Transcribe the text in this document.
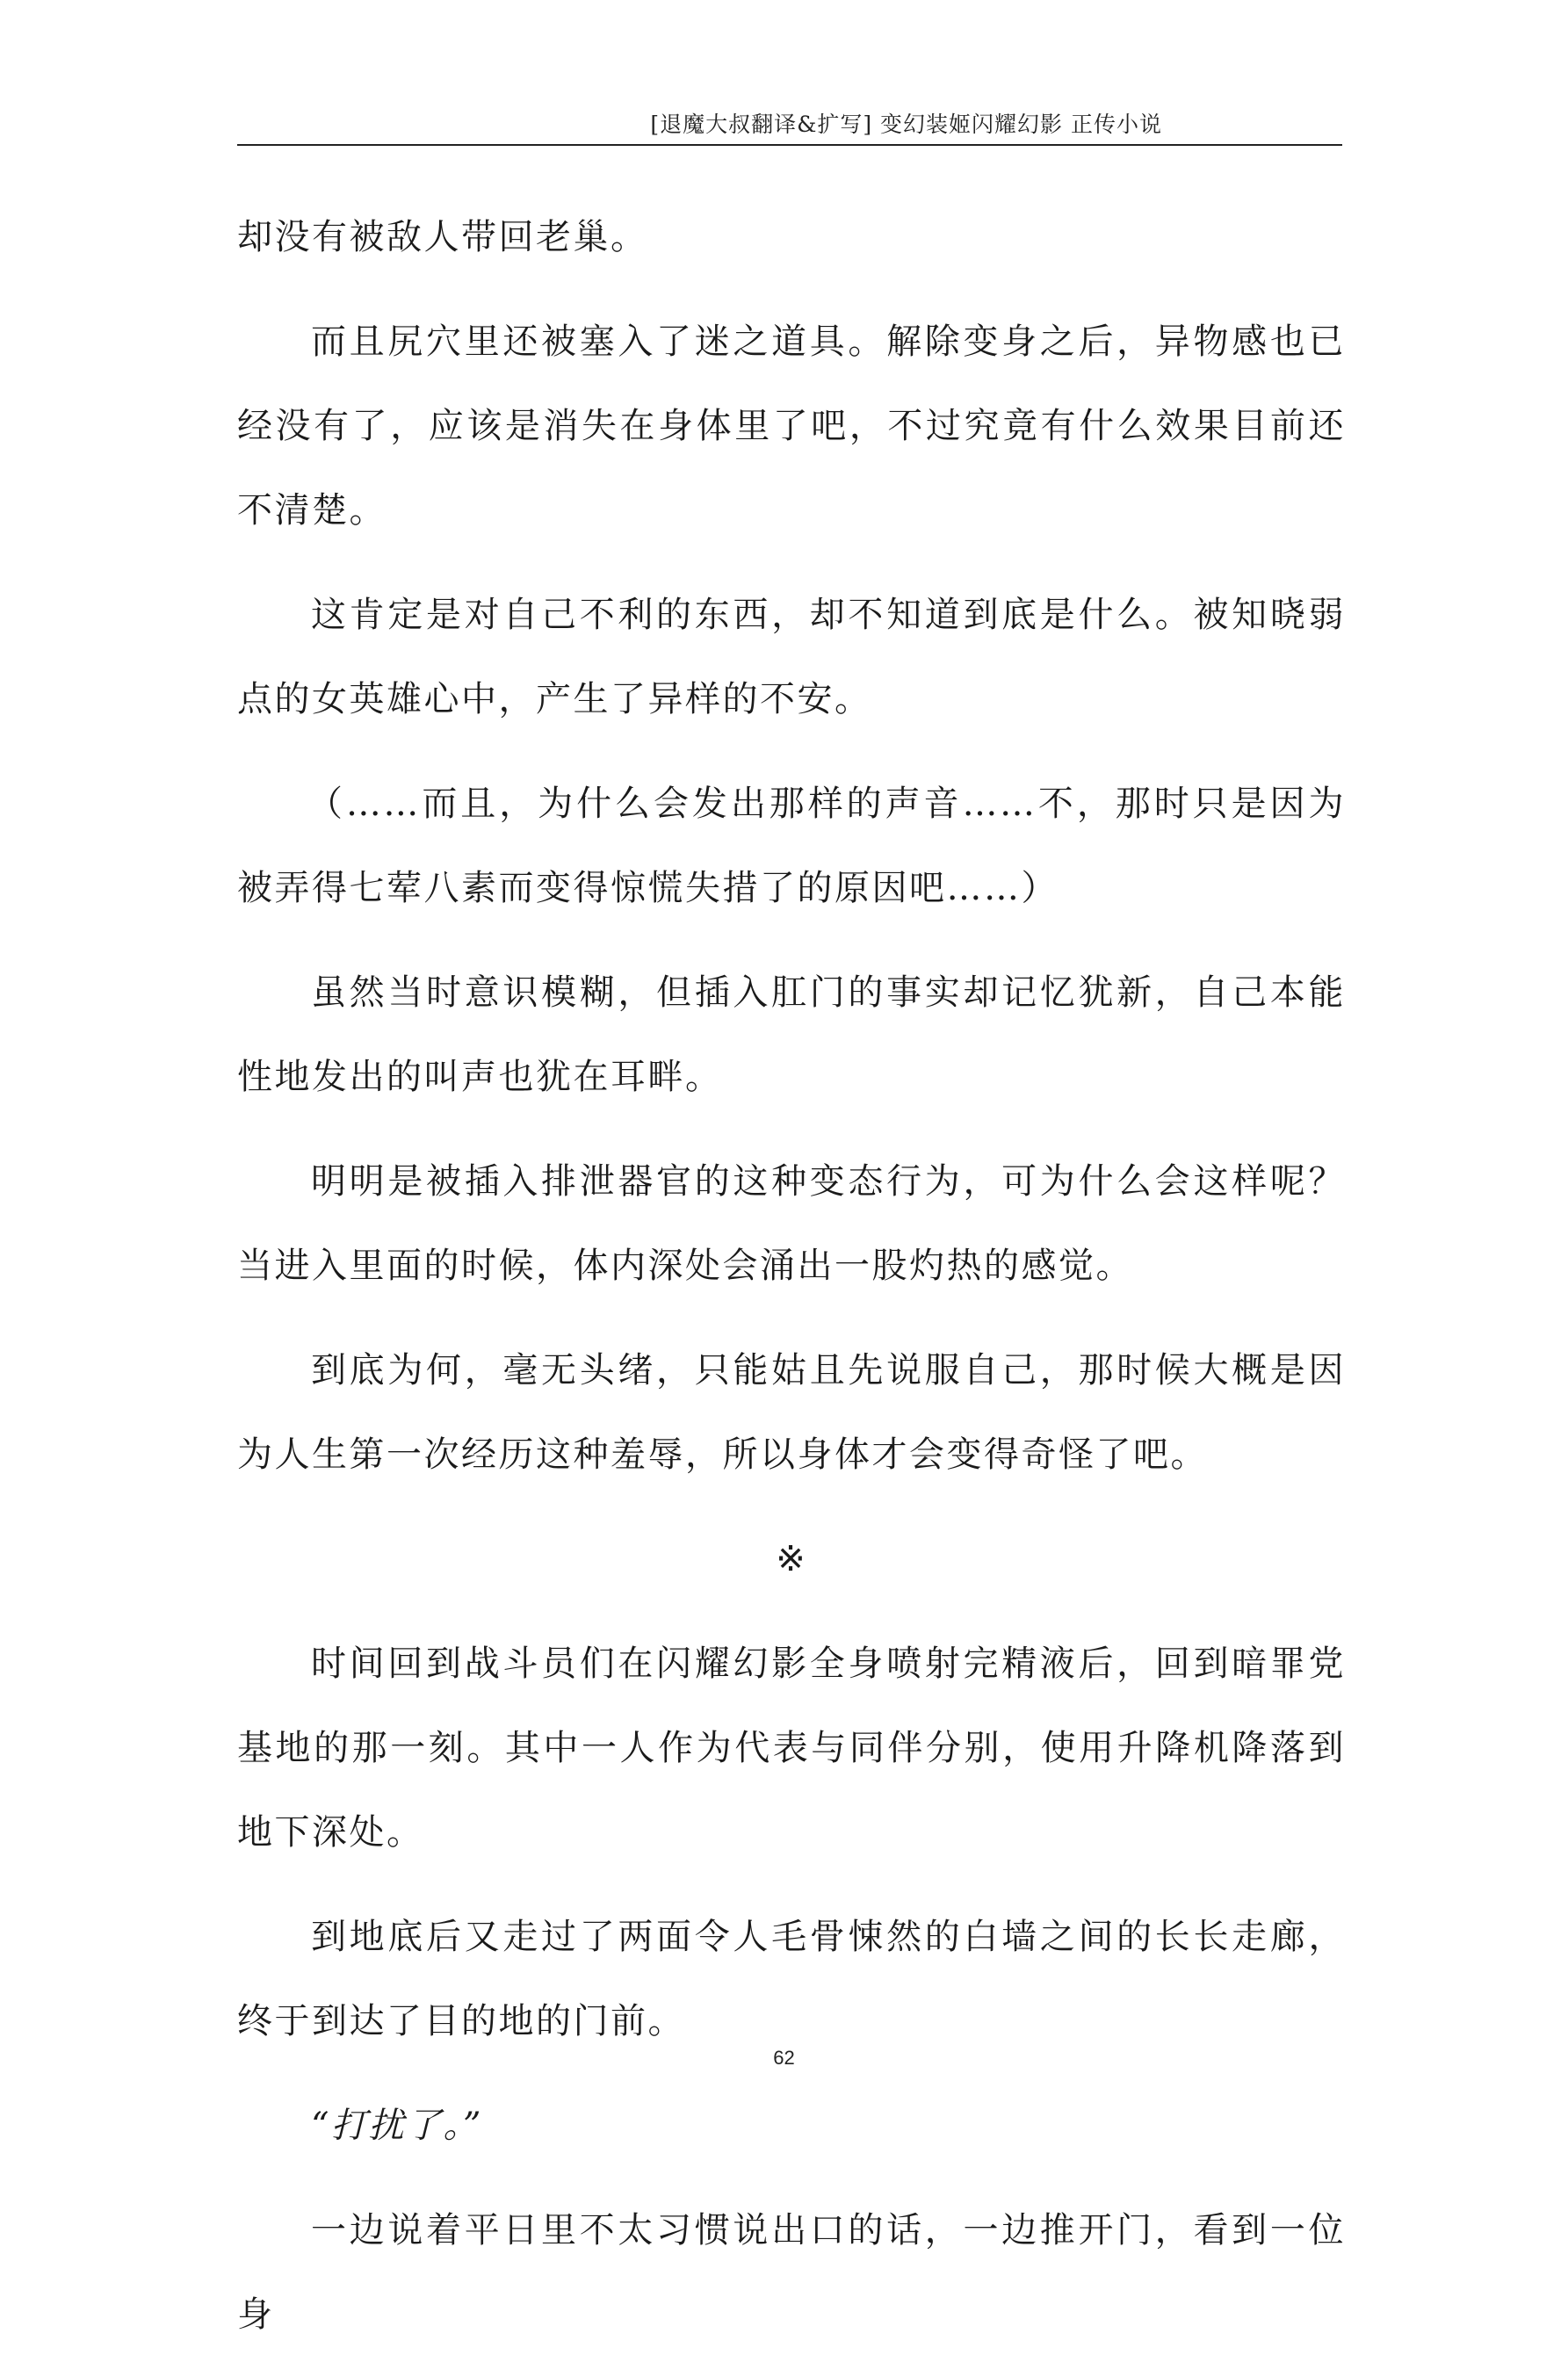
[退魔大叔翻译&扩写] 变幻装姬闪耀幻影 正传小说

却没有被敌人带回老巢。

而且尻穴里还被塞入了迷之道具。解除变身之后，异物感也已经没有了，应该是消失在身体里了吧，不过究竟有什么效果目前还不清楚。

这肯定是对自己不利的东西，却不知道到底是什么。被知晓弱点的女英雄心中，产生了异样的不安。

（……而且，为什么会发出那样的声音……不，那时只是因为被弄得七荤八素而变得惊慌失措了的原因吧……）

虽然当时意识模糊，但插入肛门的事实却记忆犹新，自己本能性地发出的叫声也犹在耳畔。

明明是被插入排泄器官的这种变态行为，可为什么会这样呢？当进入里面的时候，体内深处会涌出一股灼热的感觉。

到底为何，毫无头绪，只能姑且先说服自己，那时候大概是因为人生第一次经历这种羞辱，所以身体才会变得奇怪了吧。

※

时间回到战斗员们在闪耀幻影全身喷射完精液后，回到暗罪党基地的那一刻。其中一人作为代表与同伴分别，使用升降机降落到地下深处。

到地底后又走过了两面令人毛骨悚然的白墙之间的长长走廊，终于到达了目的地的门前。

“打扰了。”

一边说着平日里不太习惯说出口的话，一边推开门，看到一位身

62
